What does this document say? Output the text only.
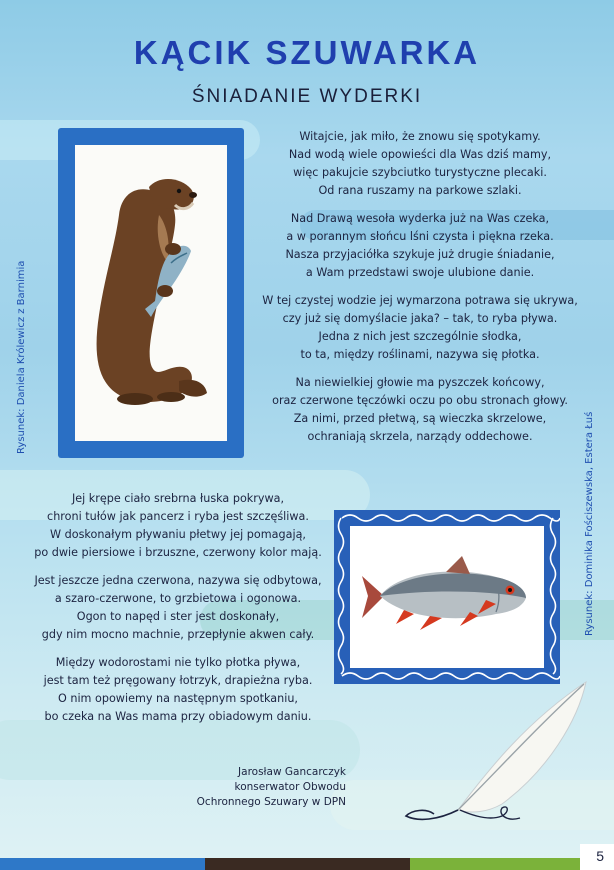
KĄCIK SZUWARKA
ŚNIADANIE WYDERKI
Rysunek: Daniela Królewicz z Barnimia

Witajcie, jak miło, że znowu się spotykamy.

Nad wodą wiele opowieści dla Was dziś mamy,

więc pakujcie szybciutko turystyczne plecaki.

Od rana ruszamy na parkowe szlaki.

Nad Drawą wesoła wyderka już na Was czeka,

a w porannym słońcu lśni czysta i piękna rzeka.

Nasza przyjaciółka szykuje już drugie śniadanie,

a Wam przedstawi swoje ulubione danie.

W tej czystej wodzie jej wymarzona potrawa się ukrywa,

czy już się domyślacie jaka? – tak, to ryba pływa.

Jedna z nich jest szczególnie słodka,

to ta, między roślinami, nazywa się płotka.

Na niewielkiej głowie ma pyszczek końcowy,

oraz czerwone tęczówki oczu po obu stronach głowy.

Za nimi, przed płetwą, są wieczka skrzelowe,

ochraniają skrzela, narządy oddechowe.

Jej krępe ciało srebrna łuska pokrywa,

chroni tułów jak pancerz i ryba jest szczęśliwa.

W doskonałym pływaniu płetwy jej pomagają,

po dwie piersiowe i brzuszne, czerwony kolor mają.

Jest jeszcze jedna czerwona, nazywa się odbytowa,

a szaro-czerwone, to grzbietowa i ogonowa.

Ogon to napęd i ster jest doskonały,

gdy nim mocno machnie, przepłynie akwen cały.

Między wodorostami nie tylko płotka pływa,

jest tam też pręgowany łotrzyk, drapieżna ryba.

O nim opowiemy na następnym spotkaniu,

bo czeka na Was mama przy obiadowym daniu.

Rysunek: Dominika Fościszewska, Estera Łuś
Jarosław Gancarczyk
konserwator Obwodu
Ochronnego Szuwary w DPN
5
